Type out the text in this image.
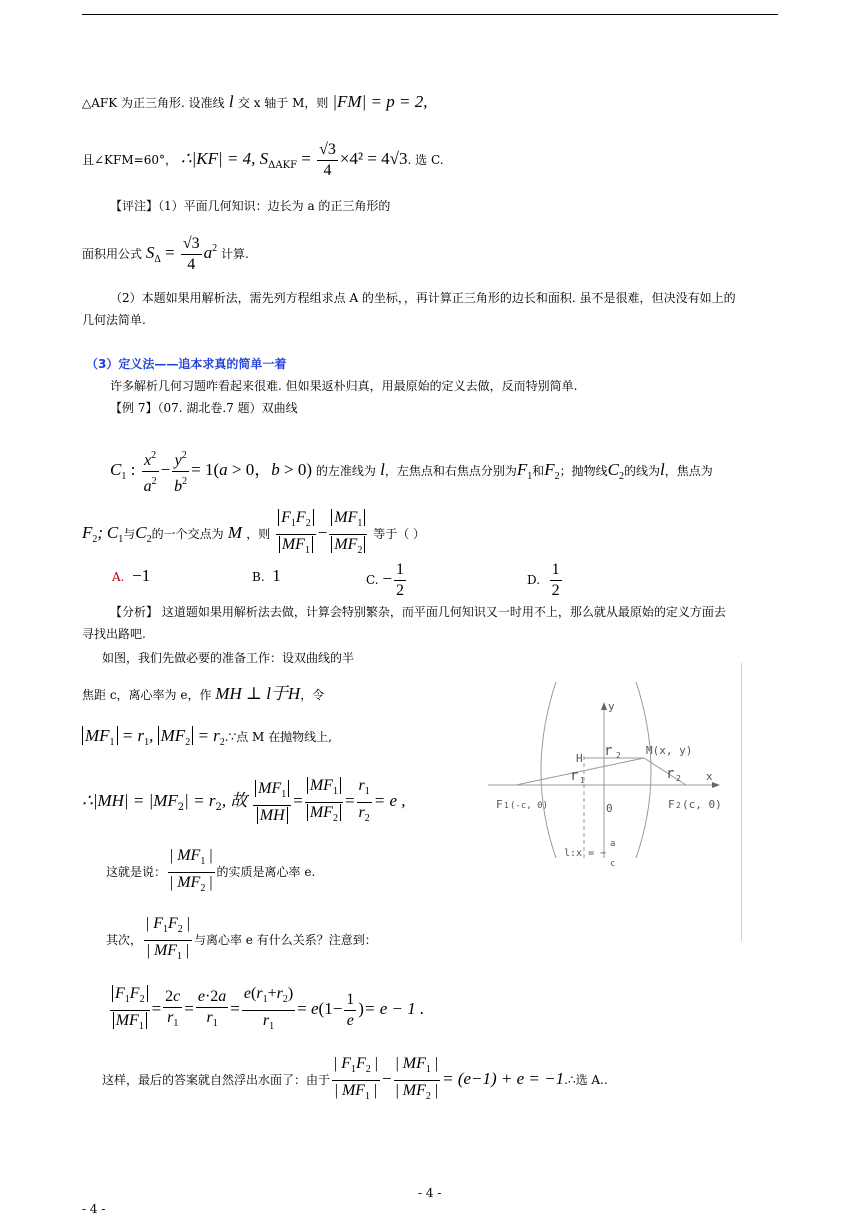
△AFK 为正三角形. 设准线 l 交 x 轴于 M，则 |FM| = p = 2,
且∠KFM=60°， ∴|KF| = 4, $S_{\Delta AKF} = \frac{√3}{4} \times 4^2 = 4√3$. 选 C.
【评注】（1）平面几何知识：边长为 a 的正三角形的
面积用公式 $S_\Delta = \frac{√3}{4} a^2$ 计算.
（2）本题如果用解析法，需先列方程组求点 A 的坐标，，再计算正三角形的边长和面积. 虽不是很难，但决没有如上的
几何法简单.
（3）定义法——追本求真的简单一着
许多解析几何习题咋看起来很难. 但如果返朴归真，用最原始的定义去做，反而特别简单.
【例 7】（07. 湖北卷.7 题）双曲线
$C_1$ : $\frac{x^2}{a^2} - \frac{y^2}{b^2} = 1(a > 0$，b > 0) 的左准线为 l，左焦点和右焦点分别为$F_1$和$F_2$；抛物线$C_2$的线为l，焦点为
$F_2$; $C_1$与$C_2$的一个交点为 M ，则 $\frac{F_1F_2}{MF_1} - \frac{MF_1}{MF_2}$ 等于（ ）
A. −1	B. 1	C. − $\frac{1}{2}$	D. $\frac{1}{2}$
【分析】 这道题如果用解析法去做，计算会特别繁杂，而平面几何知识又一时用不上，那么就从最原始的定义方面去
寻找出路吧.
如图，我们先做必要的准备工作：设双曲线的半
焦距 c，离心率为 e，作 MH ⊥ l于H，令
$MF_1 = r_1$, $MF_2$ = $r_2.\because$点 M 在抛物线上,
∴|MH| = $|MF_2| = r_2$, 故 $\frac{MF_1}{MH} = \frac{MF_1}{MF_2} = \frac{r_1}{r_2} = e$ ,
这就是说： $\frac{| MF_1 |}{| MF_2 |}$ 的实质是离心率 e.
其次， $\frac{| F_1F_2 |}{| MF_1 |}$ 与离心率 e 有什么关系？注意到：
$\frac{F_1F_2}{MF_1} = \frac{2c}{r_1} = \frac{e\cdot 2a}{r_1} = \frac{e(r_1+r_2)}{r_1} = e(1- \frac{1}{e}$ )= e − 1 .
这样，最后的答案就自然浮出水面了：由于 $\frac{| F_1F_2 |}{| MF_1 |} - \frac{| MF_1 |}{| MF_2 |} = (e-1) + e$ = −1.∴选 A..
y
x
H r 2 M(x, y)
r 1	r 2
F 1 (-c, 0)	0	F 2 (c, 0)
l:x = −
a
c
- 4 -
- 4 -
